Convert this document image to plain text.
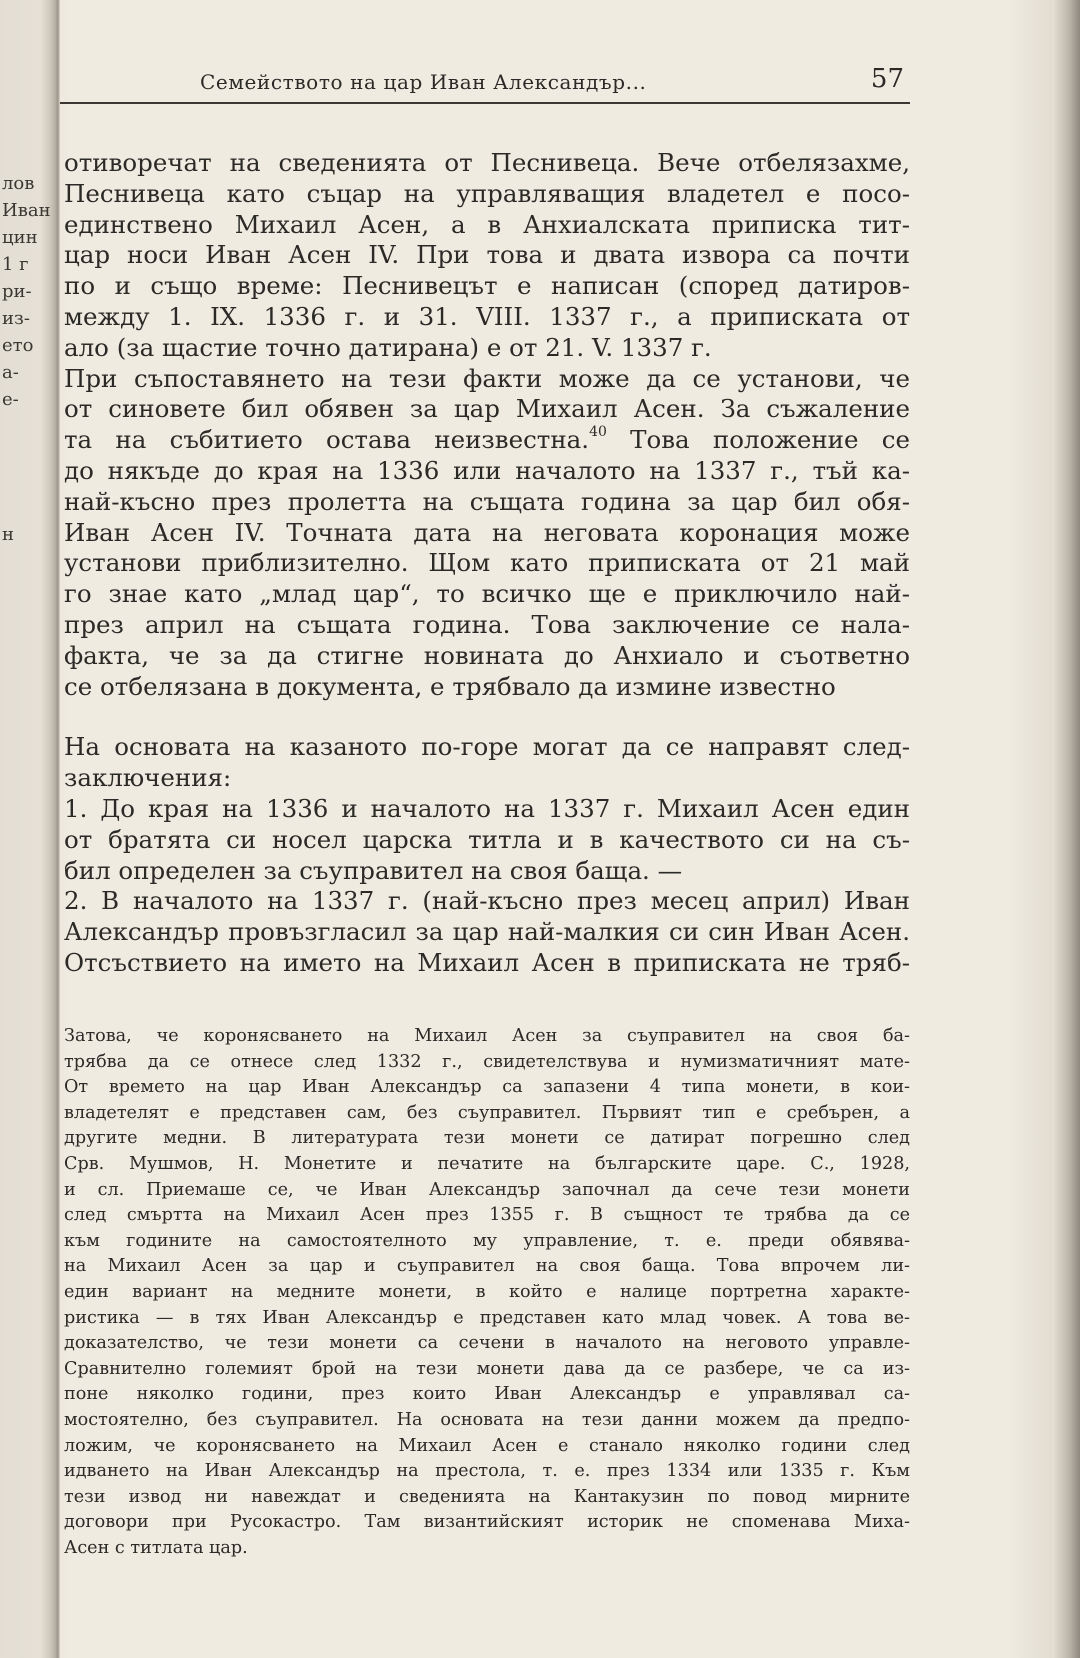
лов
Иван
цин
1 г
ри-
из-
ето
а-
е-
н
Семейството на цар Иван Александър...	57
отиворечат на сведенията от Песнивеца. Вече отбелязахме,
Песнивеца като съцар на управляващия владетел е посо-
единствено Михаил Асен, а в Анхиалската приписка тит-
цар носи Иван Асен IV. При това и двата извора са почти
по и също време: Песнивецът е написан (според датиров-
между 1. IX. 1336 г. и 31. VIII. 1337 г., а приписката от
ало (за щастие точно датирана) е от 21. V. 1337 г.
При съпоставянето на тези факти може да се установи, че
от синовете бил обявен за цар Михаил Асен. За съжаление
та на събитието остава неизвестна.$^{40}$ Това положение се
до някъде до края на 1336 или началото на 1337 г., тъй ка-
най-късно през пролетта на същата година за цар бил обя-
Иван Асен IV. Точната дата на неговата коронация може
установи приблизително. Щом като приписката от 21 май
го знае като „млад цар“, то всичко ще е приключило най-
през април на същата година. Това заключение се нала-
факта, че за да стигне новината до Анхиало и съответно
се отбелязана в документа, е трябвало да измине известно
На основата на казаното по-горе могат да се направят след-
заключения:
1. До края на 1336 и началото на 1337 г. Михаил Асен един
от братята си носел царска титла и в качеството си на съ-
бил определен за съуправител на своя баща. —
2. В началото на 1337 г. (най-късно през месец април) Иван
Александър провъзгласил за цар най-малкия си син Иван Асен.
Отсъствието на името на Михаил Асен в приписката не тряб-
Затова, че коронясването на Михаил Асен за съуправител на своя ба-
трябва да се отнесе след 1332 г., свидетелствува и нумизматичният мате-
От времето на цар Иван Александър са запазени 4 типа монети, в кои-
владетелят е представен сам, без съуправител. Първият тип е сребърен, а
другите медни. В литературата тези монети се датират погрешно след
Срв. Мушмов, Н. Монетите и печатите на българските царе. С., 1928,
и сл. Приемаше се, че Иван Александър започнал да сече тези монети
след смъртта на Михаил Асен през 1355 г. В същност те трябва да се
към годините на самостоятелното му управление, т. е. преди обявява-
на Михаил Асен за цар и съуправител на своя баща. Това впрочем ли-
един вариант на медните монети, в който е налице портретна характе-
ристика — в тях Иван Александър е представен като млад човек. А това ве-
доказателство, че тези монети са сечени в началото на неговото управле-
Сравнително големият брой на тези монети дава да се разбере, че са из-
поне няколко години, през които Иван Александър е управлявал са-
мостоятелно, без съуправител. На основата на тези данни можем да предпо-
ложим, че коронясването на Михаил Асен е станало няколко години след
идването на Иван Александър на престола, т. е. през 1334 или 1335 г. Към
тези извод ни навеждат и сведенията на Кантакузин по повод мирните
договори при Русокастро. Там византийският историк не споменава Миха-
Асен с титлата цар.
